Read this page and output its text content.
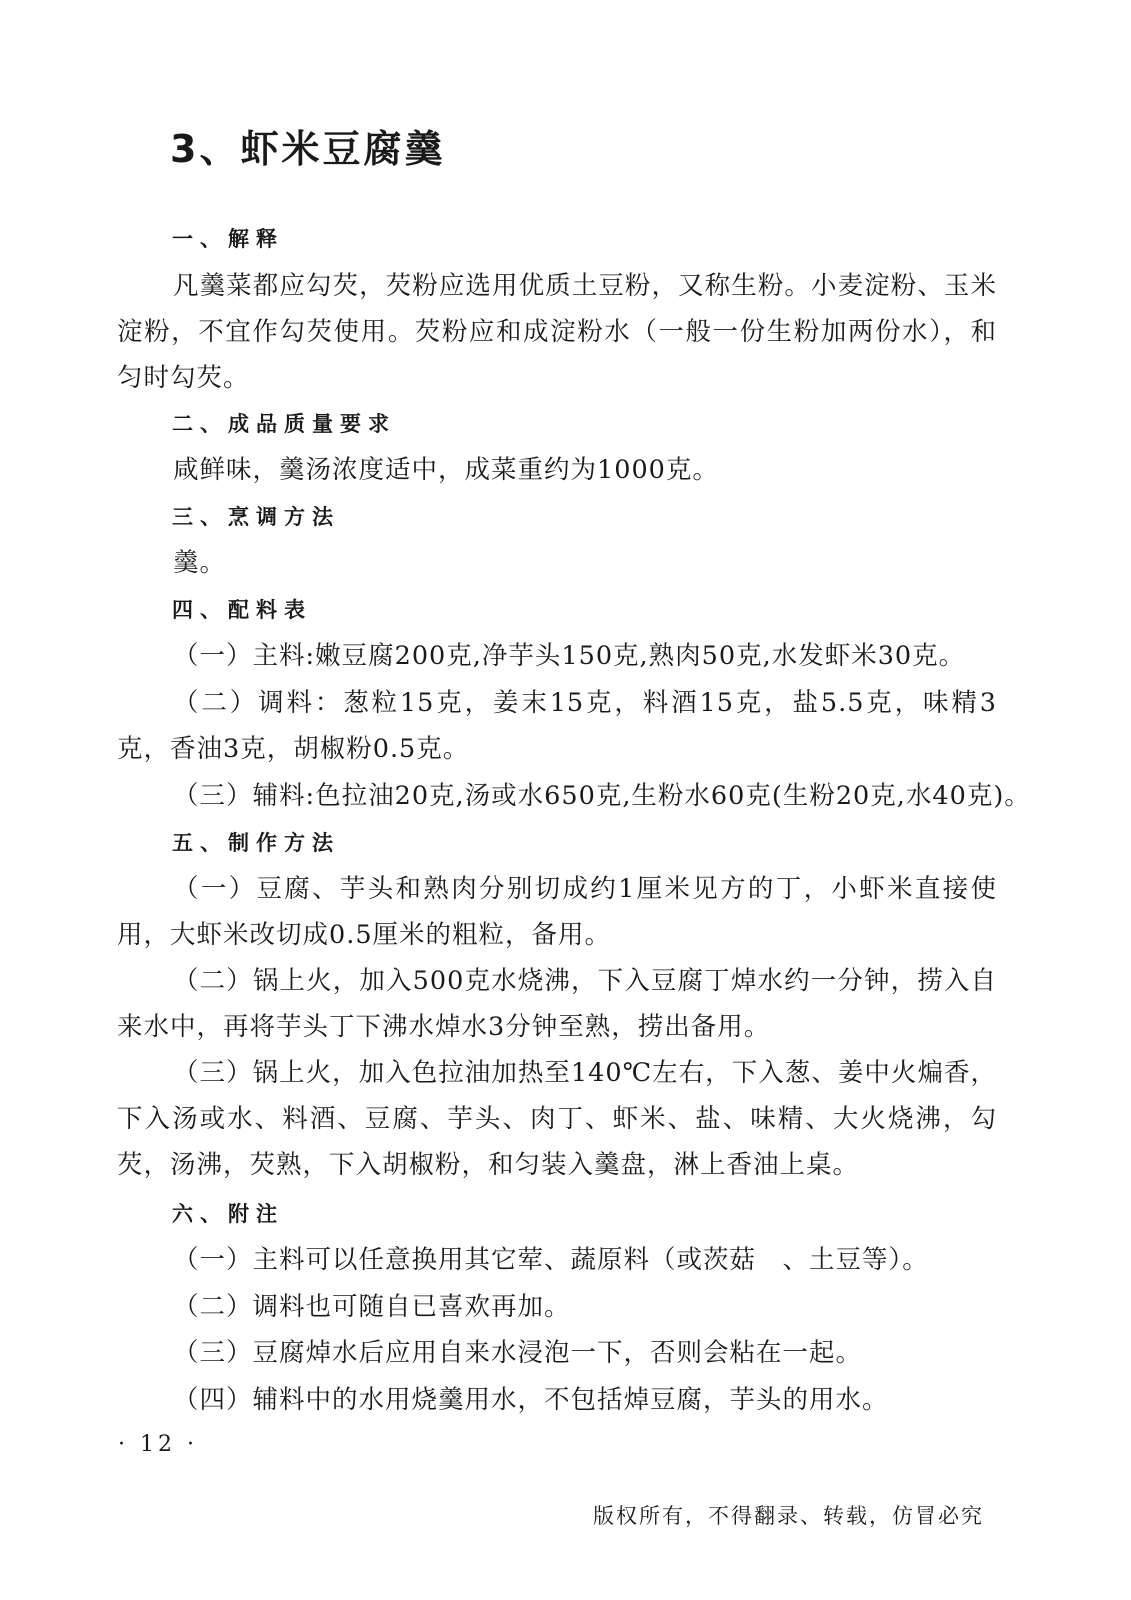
3、虾米豆腐羹
一、解释

凡羹菜都应勾芡，芡粉应选用优质土豆粉，又称生粉。小麦淀粉、玉米淀粉，不宜作勾芡使用。芡粉应和成淀粉水（一般一份生粉加两份水），和匀时勾芡。

二、成品质量要求

咸鲜味，羹汤浓度适中，成菜重约为1000克。

三、烹调方法

羹。

四、配料表

（一）主料:嫩豆腐200克,净芋头150克,熟肉50克,水发虾米30克。

（二）调料：葱粒15克，姜末15克，料酒15克，盐5.5克，味精3克，香油3克，胡椒粉0.5克。

（三）辅料:色拉油20克,汤或水650克,生粉水60克(生粉20克,水40克)。

五、制作方法

（一）豆腐、芋头和熟肉分别切成约1厘米见方的丁，小虾米直接使用，大虾米改切成0.5厘米的粗粒，备用。

（二）锅上火，加入500克水烧沸，下入豆腐丁焯水约一分钟，捞入自来水中，再将芋头丁下沸水焯水3分钟至熟，捞出备用。

（三）锅上火，加入色拉油加热至140℃左右，下入葱、姜中火煸香，下入汤或水、料酒、豆腐、芋头、肉丁、虾米、盐、味精、大火烧沸，勾芡，汤沸，芡熟，下入胡椒粉，和匀装入羹盘，淋上香油上桌。

六、附注

（一）主料可以任意换用其它荤、蔬原料（或茨菇　、土豆等）。

（二）调料也可随自已喜欢再加。

（三）豆腐焯水后应用自来水浸泡一下，否则会粘在一起。

（四）辅料中的水用烧羹用水，不包括焯豆腐，芋头的用水。

· 12 ·
版权所有，不得翻录、转载，仿冒必究
